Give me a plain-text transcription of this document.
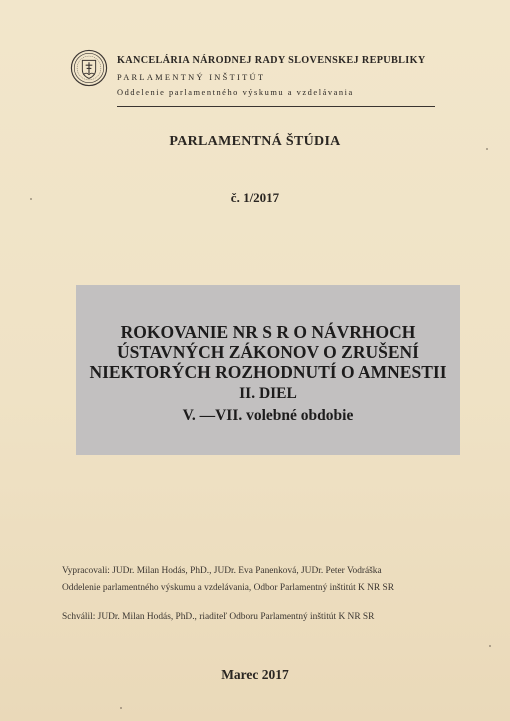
KANCELÁRIA NÁRODNEJ RADY SLOVENSKEJ REPUBLIKY
PARLAMENTNÝ INŠTITÚT
Oddelenie parlamentného výskumu a vzdelávania
PARLAMENTNÁ ŠTÚDIA
č. 1/2017
ROKOVANIE NR S R O NÁVRHOCH
ÚSTAVNÝCH ZÁKONOV O ZRUŠENÍ
NIEKTORÝCH ROZHODNUTÍ O AMNESTII
II. DIEL
V. —VII. volebné obdobie
Vypracovali: JUDr. Milan Hodás, PhD., JUDr. Eva Panenková, JUDr. Peter Vodráška
Oddelenie parlamentného výskumu a vzdelávania, Odbor Parlamentný inštitút K NR SR
Schválil: JUDr. Milan Hodás, PhD., riaditeľ Odboru Parlamentný inštitút K NR SR
Marec 2017
